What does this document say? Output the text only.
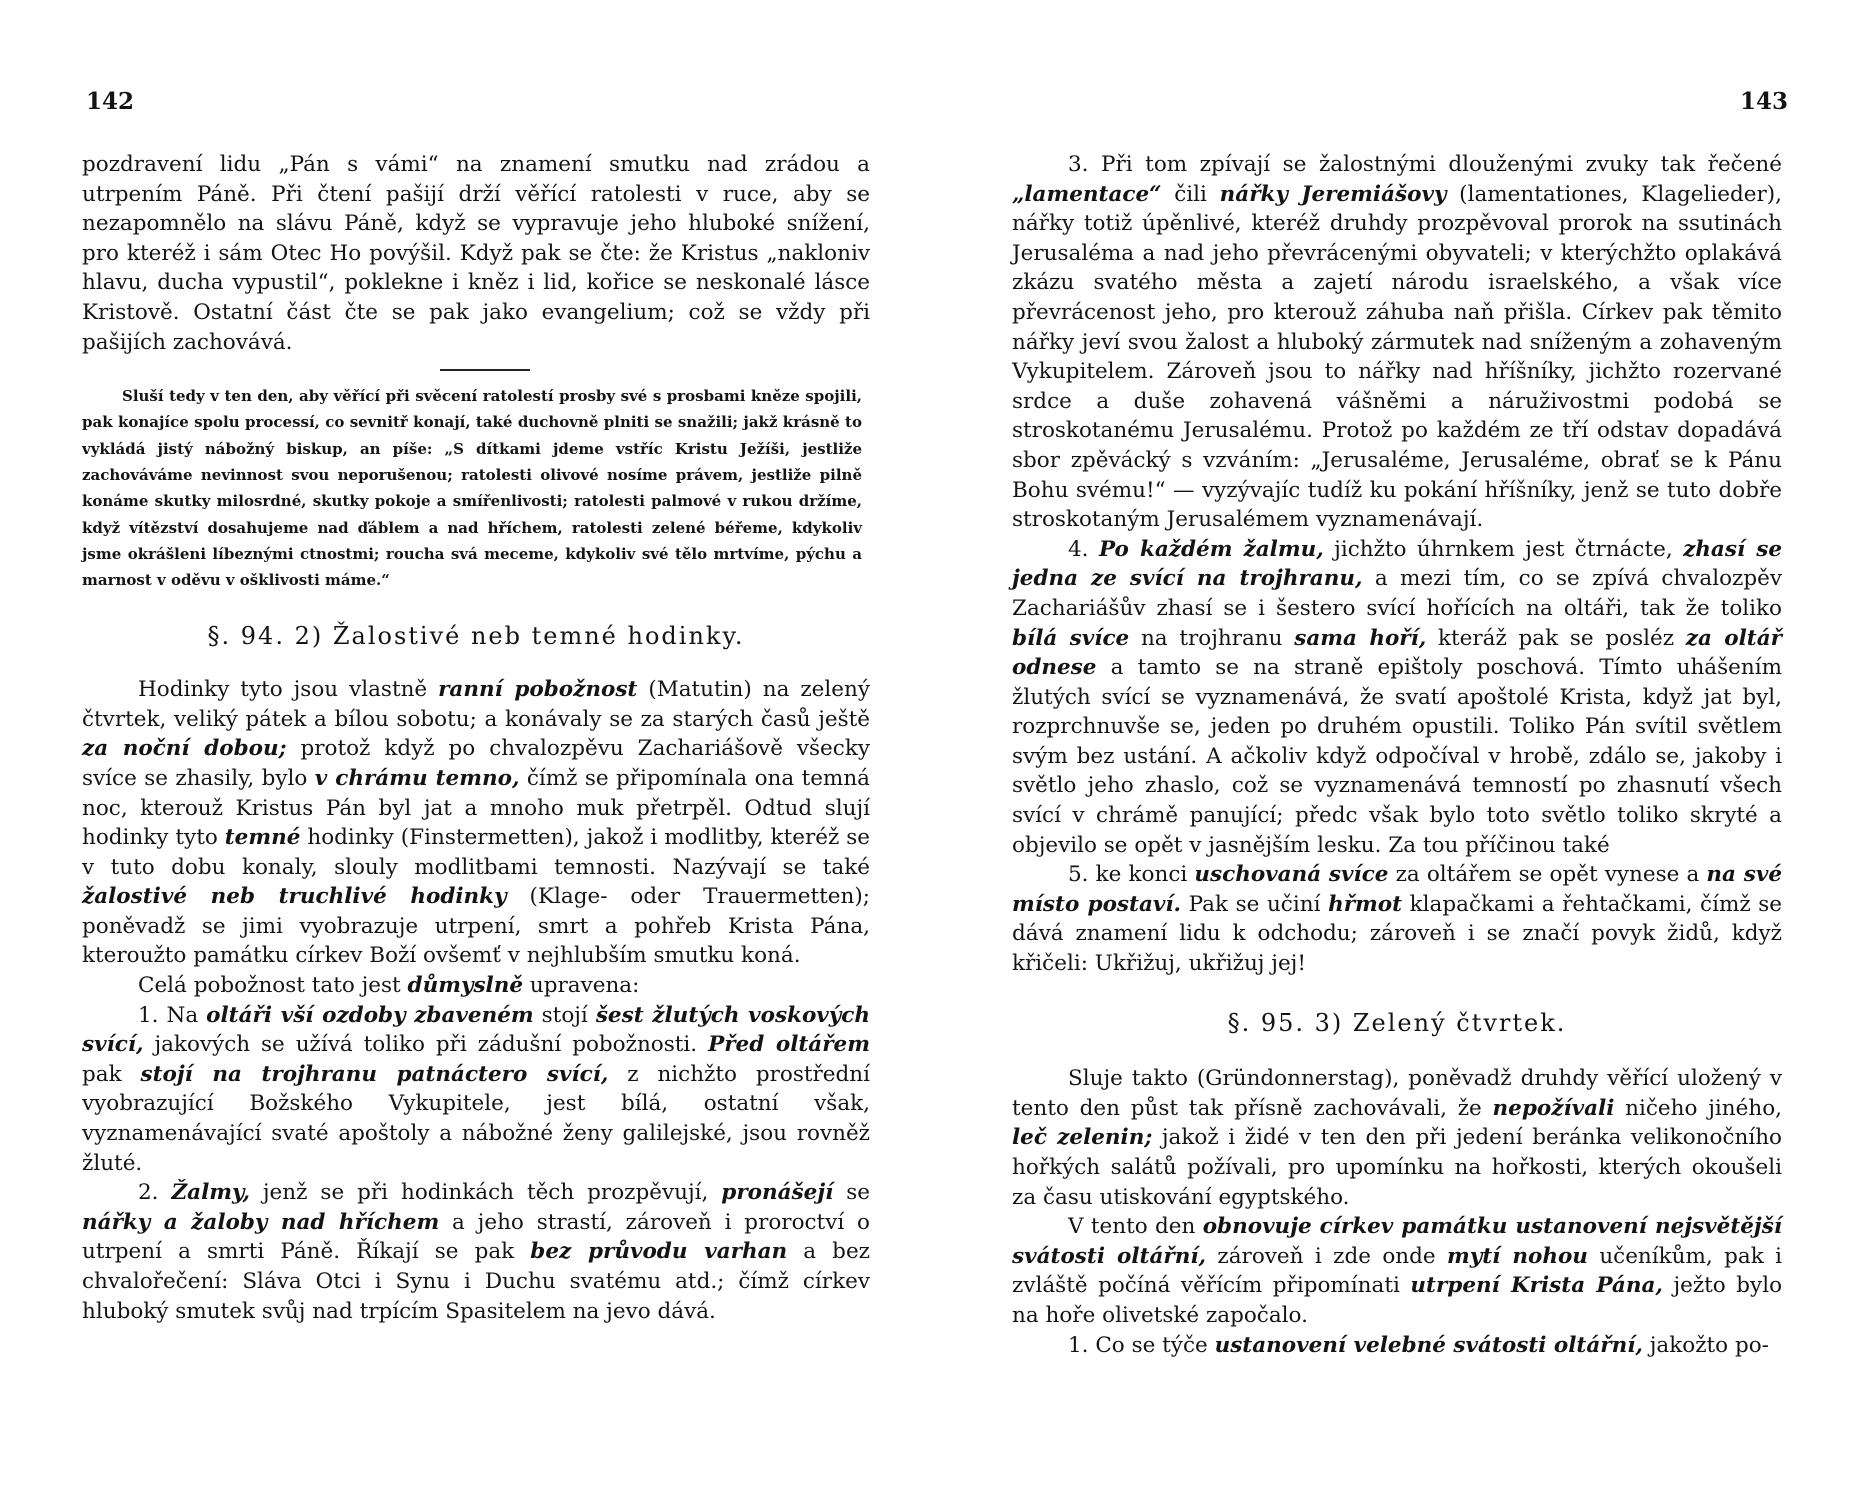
142

pozdravení lidu „Pán s vámi“ na znamení smutku nad zrádou a utrpením Páně. Při čtení pašijí drží věřící ratolesti v ruce, aby se nezapomnělo na slávu Páně, když se vypravuje jeho hluboké snížení, pro kteréž i sám Otec Ho povýšil. Když pak se čte: že Kristus „nakloniv hlavu, ducha vypustil“, poklekne i kněz i lid, kořice se neskonalé lásce Kristově. Ostatní část čte se pak jako evangelium; což se vždy při pašijích zachovává.

Sluší tedy v ten den, aby věřící při svěcení ratolestí prosby své s prosbami kněze spojili, pak konajíce spolu processí, co sevnitř konají, také duchovně plniti se snažili; jakž krásně to vykládá jistý nábožný biskup, an píše: „S dítkami jdeme vstříc Kristu Ježíši, jestliže zachováváme nevinnost svou neporušenou; ratolesti olivové nosíme právem, jestliže pilně konáme skutky milosrdné, skutky pokoje a smířenlivosti; ratolesti palmové v rukou držíme, když vítězství dosahujeme nad ďáblem a nad hříchem, ratolesti zelené béřeme, kdykoliv jsme okrášleni líbeznými ctnostmi; roucha svá meceme, kdykoliv své tělo mrtvíme, pýchu a marnost v oděvu v ošklivosti máme.“

§. 94. 2) Žalostivé neb temné hodinky.

Hodinky tyto jsou vlastně ranní pobožnost (Matutin) na zelený čtvrtek, veliký pátek a bílou sobotu; a konávaly se za starých časů ještě za noční dobou; protož když po chvalozpěvu Zachariášově všecky svíce se zhasily, bylo v chrámu temno, čímž se připomínala ona temná noc, kterouž Kristus Pán byl jat a mnoho muk přetrpěl. Odtud slují hodinky tyto temné hodinky (Finstermetten), jakož i modlitby, kteréž se v tuto dobu konaly, slouly modlitbami temnosti. Nazývají se také žalostivé neb truchlivé hodinky (Klage- oder Trauermetten); poněvadž se jimi vyobrazuje utrpení, smrt a pohřeb Krista Pána, kteroužto památku církev Boží ovšemť v nejhlubším smutku koná.

Celá pobožnost tato jest důmyslně upravena:

1. Na oltáři vší ozdoby zbaveném stojí šest žlutých voskových svící, jakových se užívá toliko při zádušní pobožnosti. Před oltářem pak stojí na trojhranu patnáctero svící, z nichžto prostřední vyobrazující Božského Vykupitele, jest bílá, ostatní však, vyznamenávající svaté apoštoly a nábožné ženy galilejské, jsou rovněž žluté.

2. Žalmy, jenž se při hodinkách těch prozpěvují, pronášejí se nářky a žaloby nad hříchem a jeho strastí, zároveň i proroctví o utrpení a smrti Páně. Říkají se pak bez průvodu varhan a bez chvalořečení: Sláva Otci i Synu i Duchu svatému atd.; čímž církev hluboký smutek svůj nad trpícím Spasitelem na jevo dává.

143

3. Při tom zpívají se žalostnými dlouženými zvuky tak řečené „lamentace“ čili nářky Jeremiášovy (lamentationes, Klagelieder), nářky totiž úpěnlivé, kteréž druhdy prozpěvoval prorok na ssutinách Jerusaléma a nad jeho převrácenými obyvateli; v kterýchžto oplakává zkázu svatého města a zajetí národu israelského, a však více převrácenost jeho, pro kterouž záhuba naň přišla. Církev pak těmito nářky jeví svou žalost a hluboký zármutek nad sníženým a zohaveným Vykupitelem. Zároveň jsou to nářky nad hříšníky, jichžto rozervané srdce a duše zohavená vášněmi a náruživostmi podobá se stroskotanému Jerusalému. Protož po každém ze tří odstav dopadává sbor zpěvácký s vzváním: „Jerusaléme, Jerusaléme, obrať se k Pánu Bohu svému!“ — vyzývajíc tudíž ku pokání hříšníky, jenž se tuto dobře stroskotaným Jerusalémem vyznamenávají.

4. Po každém žalmu, jichžto úhrnkem jest čtrnácte, zhasí se jedna ze svící na trojhranu, a mezi tím, co se zpívá chvalozpěv Zachariášův zhasí se i šestero svící hořících na oltáři, tak že toliko bílá svíce na trojhranu sama hoří, kteráž pak se posléz za oltář odnese a tamto se na straně epištoly poschová. Tímto uhášením žlutých svící se vyznamenává, že svatí apoštolé Krista, když jat byl, rozprchnuvše se, jeden po druhém opustili. Toliko Pán svítil světlem svým bez ustání. A ačkoliv když odpočíval v hrobě, zdálo se, jakoby i světlo jeho zhaslo, což se vyznamenává temností po zhasnutí všech svící v chrámě panující; předc však bylo toto světlo toliko skryté a objevilo se opět v jasnějším lesku. Za tou příčinou také

5. ke konci uschovaná svíce za oltářem se opět vynese a na své místo postaví. Pak se učiní hřmot klapačkami a řehtačkami, čímž se dává znamení lidu k odchodu; zároveň i se značí povyk židů, když křičeli: Ukřižuj, ukřižuj jej!

§. 95. 3) Zelený čtvrtek.

Sluje takto (Gründonnerstag), poněvadž druhdy věřící uložený v tento den půst tak přísně zachovávali, že nepožívali ničeho jiného, leč zelenin; jakož i židé v ten den při jedení beránka velikonočního hořkých salátů požívali, pro upomínku na hořkosti, kterých okoušeli za času utiskování egyptského.

V tento den obnovuje církev památku ustanovení nejsvětější svátosti oltářní, zároveň i zde onde mytí nohou učeníkům, pak i zvláště počíná věřícím připomínati utrpení Krista Pána, ježto bylo na hoře olivetské započalo.

1. Co se týče ustanovení velebné svátosti oltářní, jakožto po-
